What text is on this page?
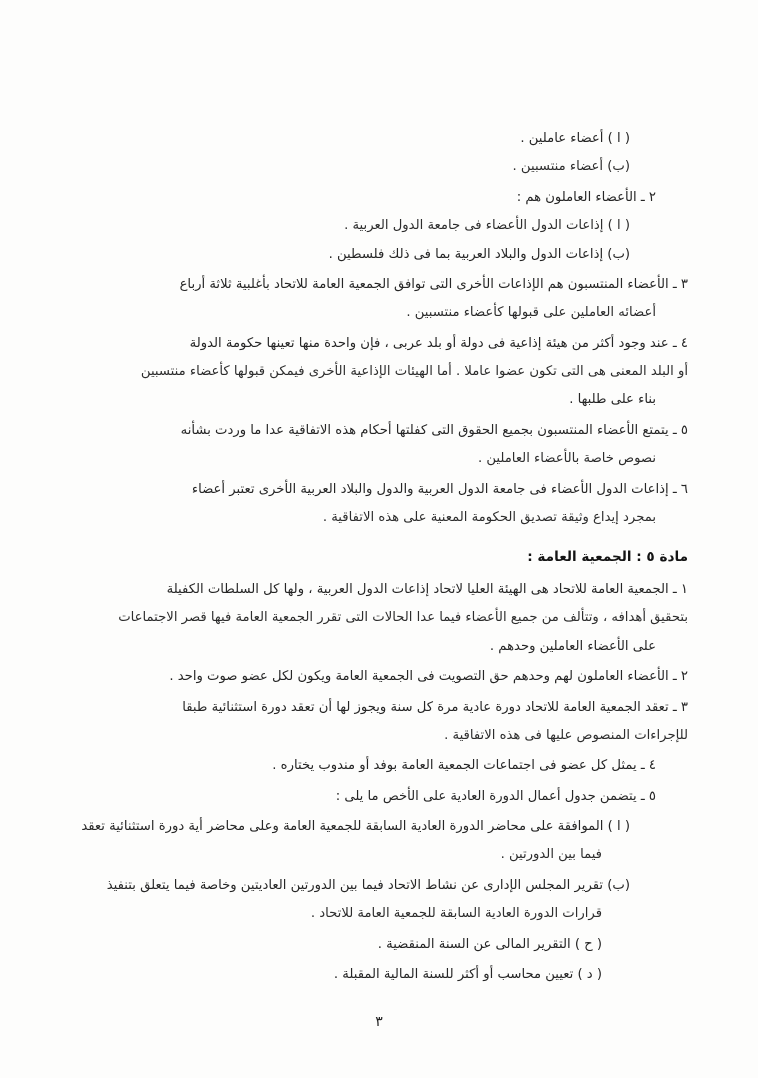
( ا ) أعضاء عاملين .

(ب) أعضاء منتسبين .

٢ ـ الأعضاء العاملون هم :

( ا ) إذاعات الدول الأعضاء فى جامعة الدول العربية .

(ب) إذاعات الدول والبلاد العربية بما فى ذلك فلسطين .

٣ ـ الأعضاء المنتسبون هم الإذاعات الأخرى التى توافق الجمعية العامة للاتحاد بأغلبية ثلاثة أرباع

أعضائه العاملين على قبولها كأعضاء منتسبين .

٤ ـ عند وجود أكثر من هيئة إذاعية فى دولة أو بلد عربى ، فإن واحدة منها تعينها حكومة الدولة

أو البلد المعنى هى التى تكون عضوا عاملا . أما الهيئات الإذاعية الأخرى فيمكن قبولها كأعضاء منتسبين

بناء على طلبها .

٥ ـ يتمتع الأعضاء المنتسبون بجميع الحقوق التى كفلتها أحكام هذه الاتفاقية عدا ما وردت بشأنه

نصوص خاصة بالأعضاء العاملين .

٦ ـ إذاعات الدول الأعضاء فى جامعة الدول العربية والدول والبلاد العربية الأخرى تعتبر أعضاء

بمجرد إيداع وثيقة تصديق الحكومة المعنية على هذه الاتفاقية .

مادة ٥ : الجمعية العامة :

١ ـ الجمعية العامة للاتحاد هى الهيئة العليا لاتحاد إذاعات الدول العربية ، ولها كل السلطات الكفيلة

بتحقيق أهدافه ، وتتألف من جميع الأعضاء فيما عدا الحالات التى تقرر الجمعية العامة فيها قصر الاجتماعات

على الأعضاء العاملين وحدهم .

٢ ـ الأعضاء العاملون لهم وحدهم حق التصويت فى الجمعية العامة ويكون لكل عضو صوت واحد .

٣ ـ تعقد الجمعية العامة للاتحاد دورة عادية مرة كل سنة ويجوز لها أن تعقد دورة استثنائية طبقا

للإجراءات المنصوص عليها فى هذه الاتفاقية .

٤ ـ يمثل كل عضو فى اجتماعات الجمعية العامة بوفد أو مندوب يختاره .

٥ ـ يتضمن جدول أعمال الدورة العادية على الأخص ما يلى :

( ا ) الموافقة على محاضر الدورة العادية السابقة للجمعية العامة وعلى محاضر أية دورة استثنائية تعقد

فيما بين الدورتين .

(ب) تقرير المجلس الإدارى عن نشاط الاتحاد فيما بين الدورتين العاديتين وخاصة فيما يتعلق بتنفيذ

قرارات الدورة العادية السابقة للجمعية العامة للاتحاد .

( ح ) التقرير المالى عن السنة المنقضية .

( د ) تعيين محاسب أو أكثر للسنة المالية المقبلة .

٣
